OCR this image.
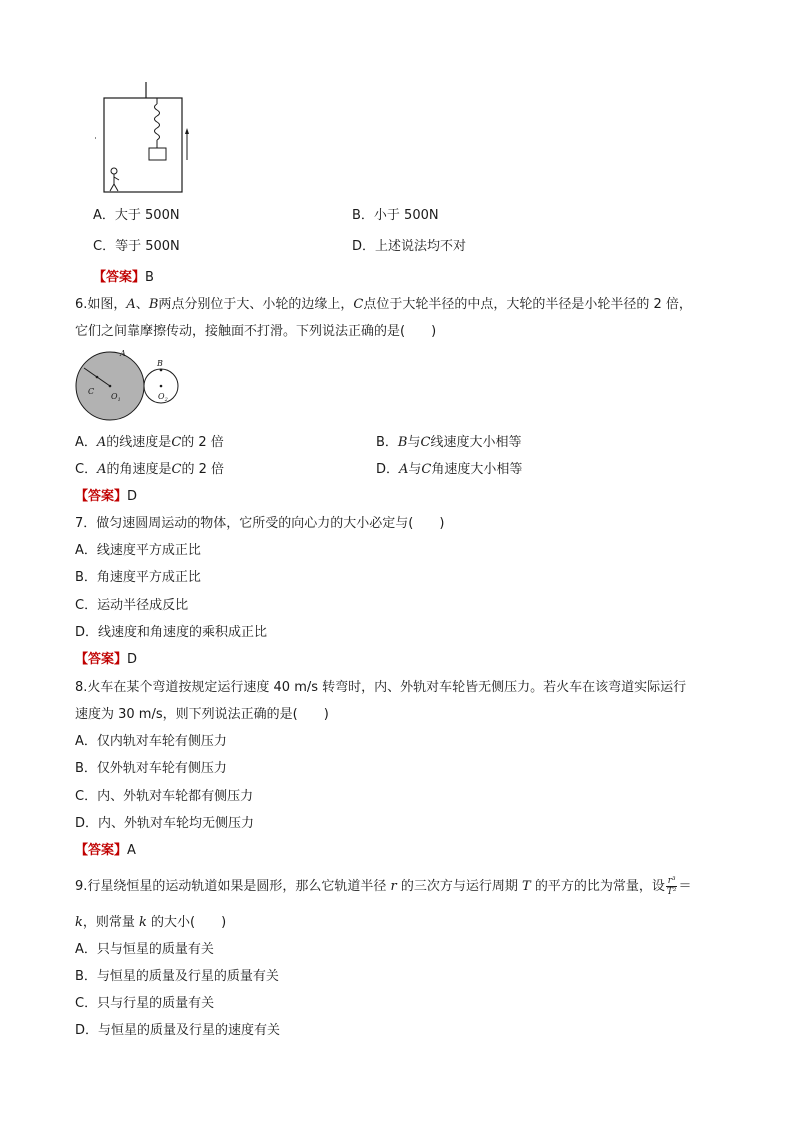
A．大于 500N	B．小于 500N
C．等于 500N	D．上述说法均不对
【答案】B
6.如图，A、B两点分别位于大、小轮的边缘上，C点位于大轮半径的中点，大轮的半径是小轮半径的 2 倍，
它们之间靠摩擦传动，接触面不打滑。下列说法正确的是(　　)
A
B
C
$O_1$	$O_2$
A．A的线速度是C的 2 倍	B．B与C线速度大小相等
C．A的角速度是C的 2 倍	D．A与C角速度大小相等
【答案】D
7．做匀速圆周运动的物体，它所受的向心力的大小必定与(　　)
A．线速度平方成正比
B．角速度平方成正比
C．运动半径成反比
D．线速度和角速度的乘积成正比
【答案】D
8.火车在某个弯道按规定运行速度 40 m/s 转弯时，内、外轨对车轮皆无侧压力。若火车在该弯道实际运行
速度为 30 m/s，则下列说法正确的是(　　)
A．仅内轨对车轮有侧压力
B．仅外轨对车轮有侧压力
C．内、外轨对车轮都有侧压力
D．内、外轨对车轮均无侧压力
【答案】A
9.行星绕恒星的运动轨道如果是圆形，那么它轨道半径 r 的三次方与运行周期 T 的平方的比为常量，设 $\frac{\text{r³}}{\text{T²}}$ ＝
k，则常量 k 的大小(　　)
A．只与恒星的质量有关
B．与恒星的质量及行星的质量有关
C．只与行星的质量有关
D．与恒星的质量及行星的速度有关
